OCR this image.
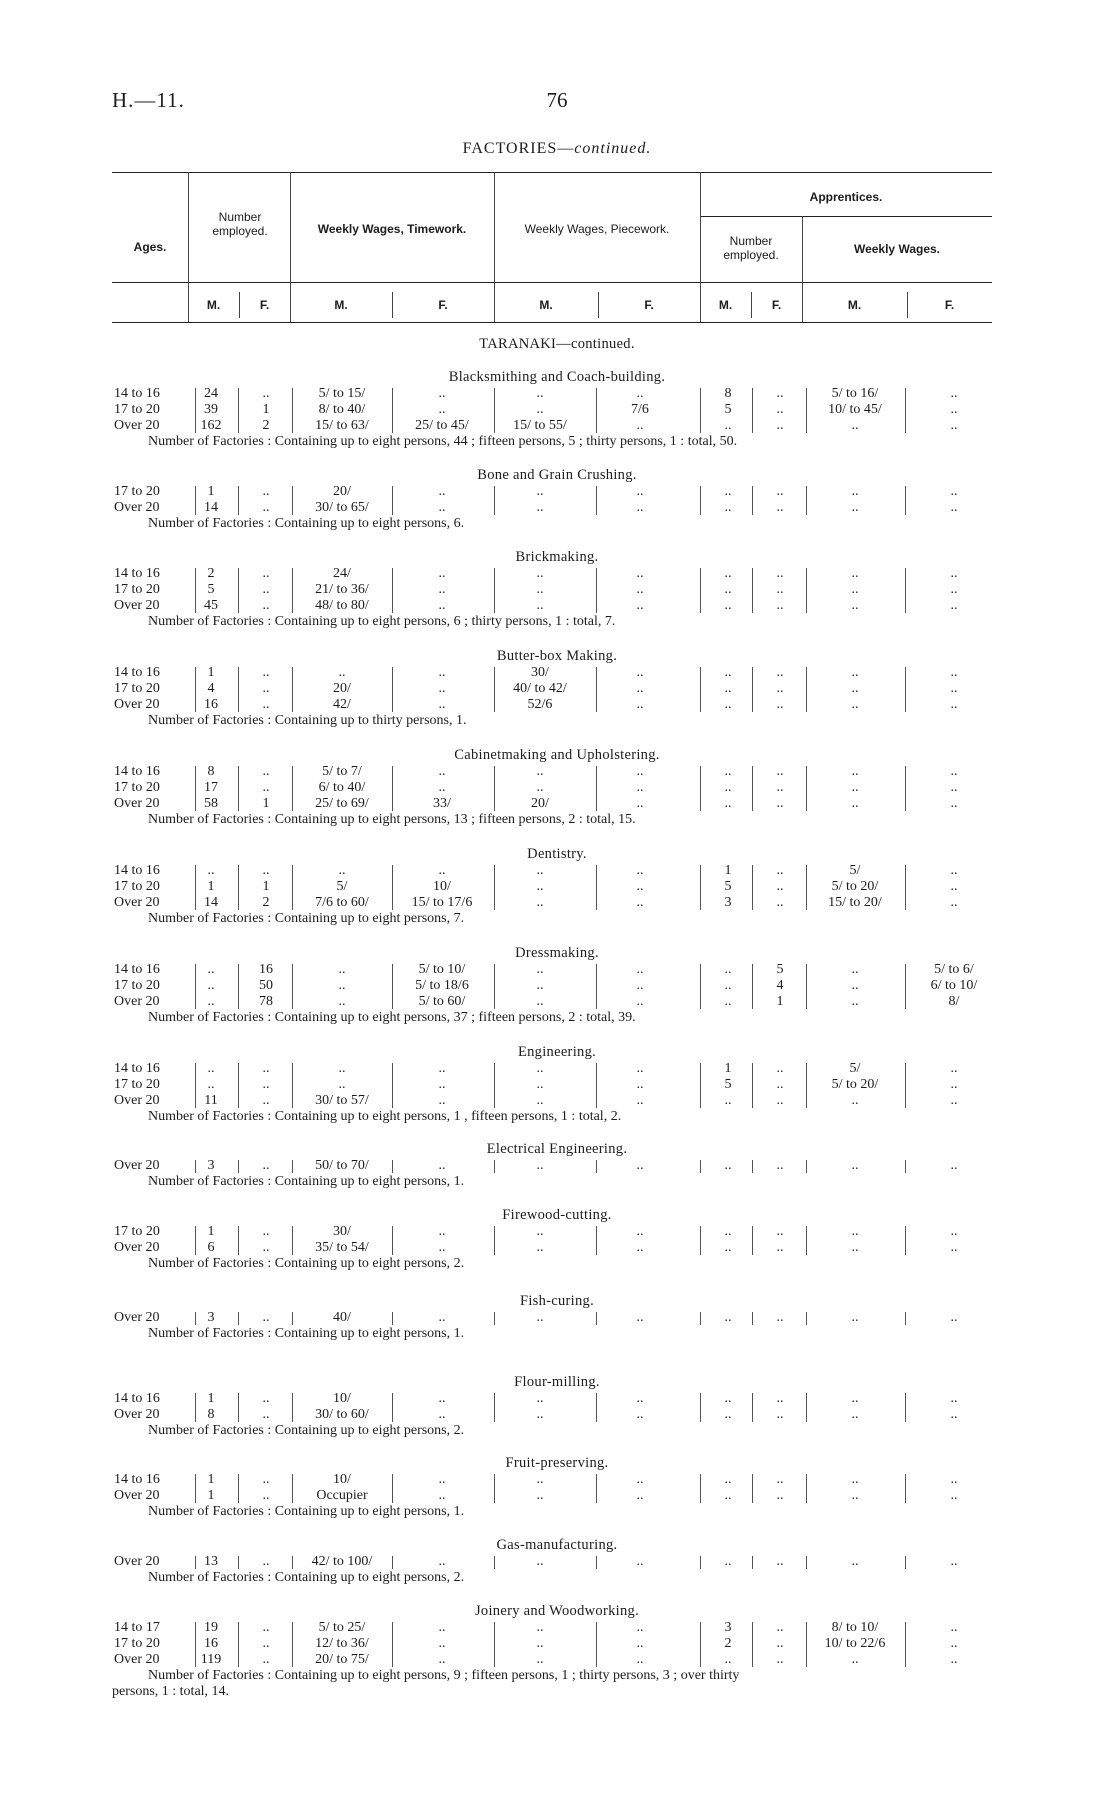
H.—11.	76
FACTORIES—continued.
Ages.
Number employed.	Weekly Wages, Timework.	Weekly Wages, Piecework.
Apprentices.
Number employed.	Weekly Wages.
M.	F.	M.	F.	M.	F.	M.	F.	M.	F.
TARANAKI—continued.
Blacksmithing and Coach-building.
14 to 16	24	..	5/ to 15/	..	..	..	8	..	5/ to 16/	..
17 to 20	39	1	8/ to 40/	..	..	7/6	5	..	10/ to 45/	..
Over 20	162	2	15/ to 63/	25/ to 45/	15/ to 55/	..	..	..	..	..
Number of Factories : Containing up to eight persons, 44 ; fifteen persons, 5 ; thirty persons, 1 : total, 50.
Bone and Grain Crushing.
17 to 20	1	..	20/	..	..	..	..	..	..	..
Over 20	14	..	30/ to 65/	..	..	..	..	..	..	..
Number of Factories : Containing up to eight persons, 6.
Brickmaking.
14 to 16	2	..	24/	..	..	..	..	..	..	..
17 to 20	5	..	21/ to 36/	..	..	..	..	..	..	..
Over 20	45	..	48/ to 80/	..	..	..	..	..	..	..
Number of Factories : Containing up to eight persons, 6 ; thirty persons, 1 : total, 7.
Butter-box Making.
14 to 16	1	..	..	..	30/	..	..	..	..	..
17 to 20	4	..	20/	..	40/ to 42/	..	..	..	..	..
Over 20	16	..	42/	..	52/6	..	..	..	..	..
Number of Factories : Containing up to thirty persons, 1.
Cabinetmaking and Upholstering.
14 to 16	8	..	5/ to 7/	..	..	..	..	..	..	..
17 to 20	17	..	6/ to 40/	..	..	..	..	..	..	..
Over 20	58	1	25/ to 69/	33/	20/	..	..	..	..	..
Number of Factories : Containing up to eight persons, 13 ; fifteen persons, 2 : total, 15.
Dentistry.
14 to 16	..	..	..	..	..	..	1	..	5/	..
17 to 20	1	1	5/	10/	..	..	5	..	5/ to 20/	..
Over 20	14	2	7/6 to 60/	15/ to 17/6	..	..	3	..	15/ to 20/	..
Number of Factories : Containing up to eight persons, 7.
Dressmaking.
14 to 16	..	16	..	5/ to 10/	..	..	..	5	..	5/ to 6/
17 to 20	..	50	..	5/ to 18/6	..	..	..	4	..	6/ to 10/
Over 20	..	78	..	5/ to 60/	..	..	..	1	..	8/
Number of Factories : Containing up to eight persons, 37 ; fifteen persons, 2 : total, 39.
Engineering.
14 to 16	..	..	..	..	..	..	1	..	5/	..
17 to 20	..	..	..	..	..	..	5	..	5/ to 20/	..
Over 20	11	..	30/ to 57/	..	..	..	..	..	..	..
Number of Factories : Containing up to eight persons, 1 , fifteen persons, 1 : total, 2.
Electrical Engineering.
Over 20	3	..	50/ to 70/	..	..	..	..	..	..	..
Number of Factories : Containing up to eight persons, 1.
Firewood-cutting.
17 to 20	1	..	30/	..	..	..	..	..	..	..
Over 20	6	..	35/ to 54/	..	..	..	..	..	..	..
Number of Factories : Containing up to eight persons, 2.
Fish-curing.
Over 20	3	..	40/	..	..	..	..	..	..	..
Number of Factories : Containing up to eight persons, 1.
Flour-milling.
14 to 16	1	..	10/	..	..	..	..	..	..	..
Over 20	8	..	30/ to 60/	..	..	..	..	..	..	..
Number of Factories : Containing up to eight persons, 2.
Fruit-preserving.
14 to 16	1	..	10/	..	..	..	..	..	..	..
Over 20	1	..	Occupier	..	..	..	..	..	..	..
Number of Factories : Containing up to eight persons, 1.
Gas-manufacturing.
Over 20	13	..	42/ to 100/	..	..	..	..	..	..	..
Number of Factories : Containing up to eight persons, 2.
Joinery and Woodworking.
14 to 17	19	..	5/ to 25/	..	..	..	3	..	8/ to 10/	..
17 to 20	16	..	12/ to 36/	..	..	..	2	..	10/ to 22/6	..
Over 20	119	..	20/ to 75/	..	..	..	..	..	..	..
Number of Factories : Containing up to eight persons, 9 ; fifteen persons, 1 ; thirty persons, 3 ; over thirty
persons, 1 : total, 14.
